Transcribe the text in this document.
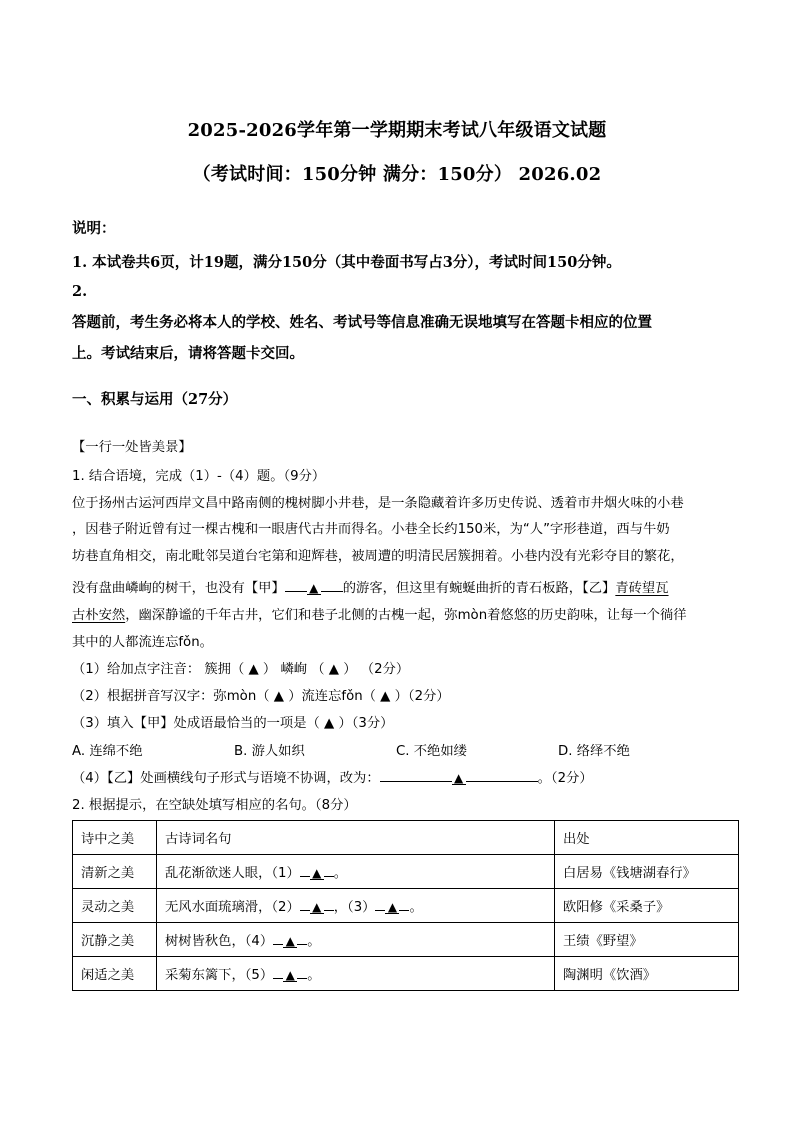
2025-2026学年第一学期期末考试八年级语文试题
（考试时间：150分钟 满分：150分） 2026.02
说明：
1. 本试卷共6页，计19题，满分150分（其中卷面书写占3分），考试时间150分钟。
2.
答题前，考生务必将本人的学校、姓名、考试号等信息准确无误地填写在答题卡相应的位置
上。考试结束后，请将答题卡交回。
一、积累与运用（27分）
【一行一处皆美景】
1. 结合语境，完成（1）-（4）题。（9分）
位于扬州古运河西岸文昌中路南侧的槐树脚小井巷，是一条隐藏着许多历史传说、透着市井烟火味的小巷
，因巷子附近曾有过一棵古槐和一眼唐代古井而得名。小巷全长约150米，为“人”字形巷道，西与牛奶
坊巷直角相交，南北毗邻吴道台宅第和迎辉巷，被周遭的明清民居簇拥着。小巷内没有光彩夺目的繁花，
没有盘曲嶙峋的树干，也没有【甲】 ▲ 的游客，但这里有蜿蜒曲折的青石板路，【乙】青砖望瓦
古朴安然，幽深静谧的千年古井，它们和巷子北侧的古槐一起，弥mòn着悠悠的历史韵味，让每一个徜徉
其中的人都流连忘fǒn。
（1）给加点字注音： 簇拥（ ▲ ） 嶙峋 （ ▲ ） （2分）
（2）根据拼音写汉字：弥mòn（ ▲ ）流连忘fǒn（ ▲ ）（2分）
（3）填入【甲】处成语最恰当的一项是（ ▲ ）（3分）
A. 连绵不绝	B. 游人如织	C. 不绝如缕	D. 络绎不绝
（4）【乙】处画横线句子形式与语境不协调，改为：	▲	。（2分）
2. 根据提示，在空缺处填写相应的名句。（8分）
诗中之美	古诗词名句	出处
清新之美	乱花渐欲迷人眼，（1） ▲ 。	白居易《钱塘湖春行》
灵动之美	无风水面琉璃滑，（2） ▲ ，（3） ▲ 。	欧阳修《采桑子》
沉静之美	树树皆秋色，（4） ▲ 。	王绩《野望》
闲适之美	采菊东篱下，（5） ▲ 。	陶渊明《饮酒》
